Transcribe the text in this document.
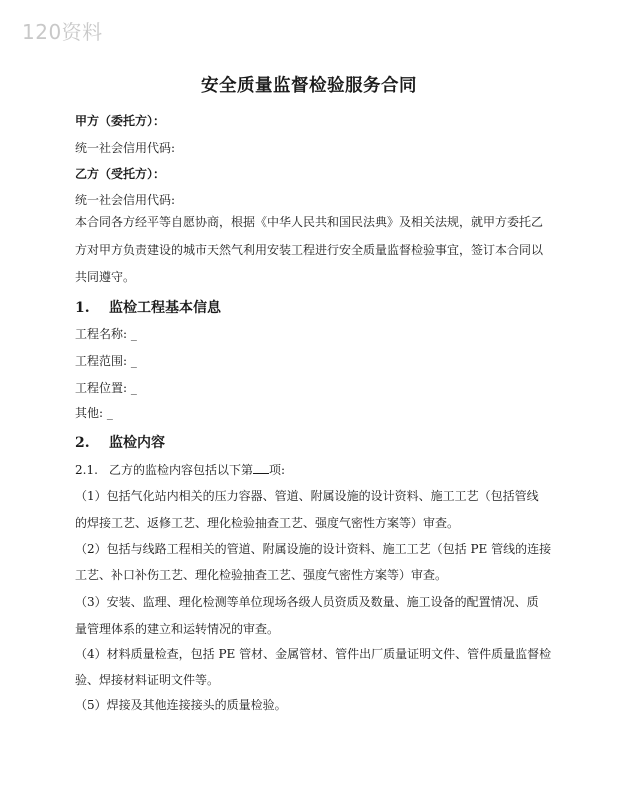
120资料
安全质量监督检验服务合同
甲方（委托方）：
统一社会信用代码:
乙方（受托方）：
统一社会信用代码:
本合同各方经平等自愿协商，根据《中华人民共和国民法典》及相关法规，就甲方委托乙
方对甲方负责建设的城市天然气利用安装工程进行安全质量监督检验事宜，签订本合同以
共同遵守。
1. 监检工程基本信息
工程名称: _
工程范围: _
工程位置: _
其他: _
2. 监检内容
2.1. 乙方的监检内容包括以下第 项:
（1）包括气化站内相关的压力容器、管道、附属设施的设计资料、施工工艺（包括管线
的焊接工艺、返修工艺、理化检验抽查工艺、强度气密性方案等）审查。
（2）包括与线路工程相关的管道、附属设施的设计资料、施工工艺（包括 PE 管线的连接
工艺、补口补伤工艺、理化检验抽查工艺、强度气密性方案等）审查。
（3）安装、监理、理化检测等单位现场各级人员资质及数量、施工设备的配置情况、质
量管理体系的建立和运转情况的审查。
（4）材料质量检查，包括 PE 管材、金属管材、管件出厂质量证明文件、管件质量监督检
验、焊接材料证明文件等。
（5）焊接及其他连接接头的质量检验。
